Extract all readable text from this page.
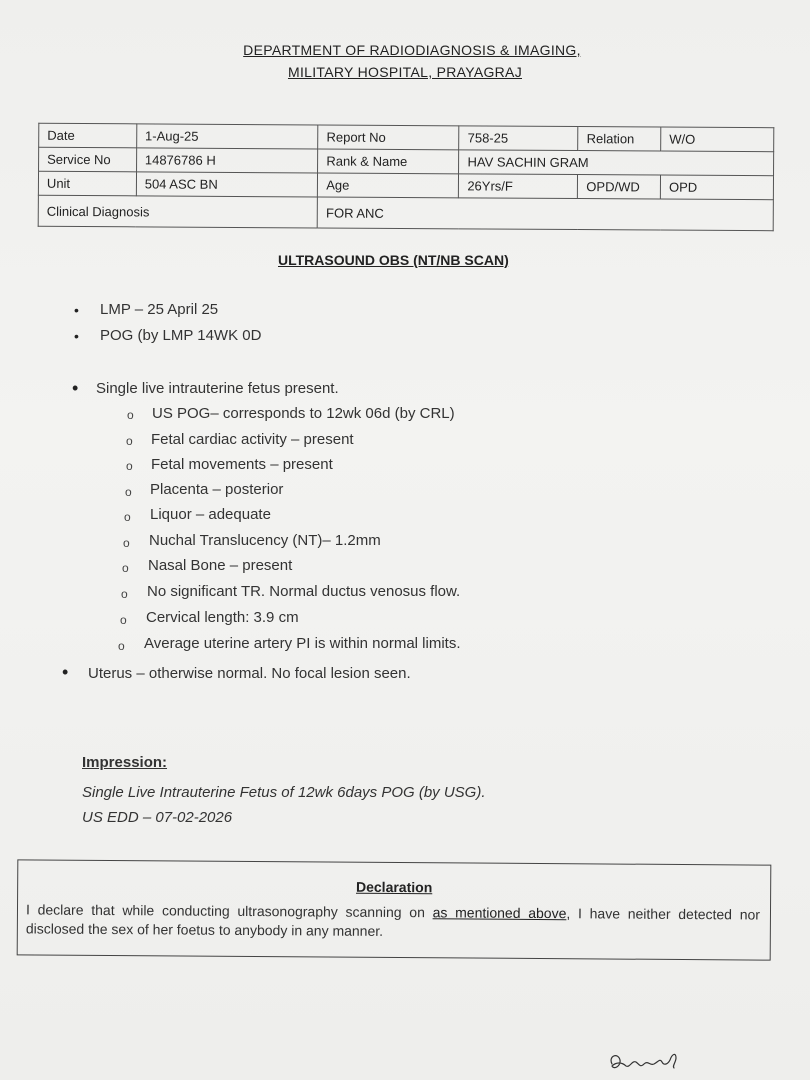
DEPARTMENT OF RADIODIAGNOSIS & IMAGING,
MILITARY HOSPITAL, PRAYAGRAJ
Date	1-Aug-25	Report No	758-25	Relation	W/O
Service No	14876786 H	Rank & Name	HAV SACHIN GRAM		
Unit	504 ASC BN	Age	26Yrs/F	OPD/WD	OPD
Clinical Diagnosis		FOR ANC			
ULTRASOUND OBS (NT/NB SCAN)
• LMP – 25 April 25
• POG (by LMP 14WK 0D
• Single live intrauterine fetus present.
o US POG– corresponds to 12wk 06d (by CRL)
o Fetal cardiac activity – present
o Fetal movements – present
o Placenta – posterior
o Liquor – adequate
o Nuchal Translucency (NT)– 1.2mm
o Nasal Bone – present
o No significant TR. Normal ductus venosus flow.
o Cervical length: 3.9 cm
o Average uterine artery PI is within normal limits.
• Uterus – otherwise normal. No focal lesion seen.
Impression:
Single Live Intrauterine Fetus of 12wk 6days POG (by USG).
US EDD – 07-02-2026
Declaration
I declare that while conducting ultrasonography scanning on as mentioned above, I have neither detected nor disclosed the sex of her foetus to anybody in any manner.
